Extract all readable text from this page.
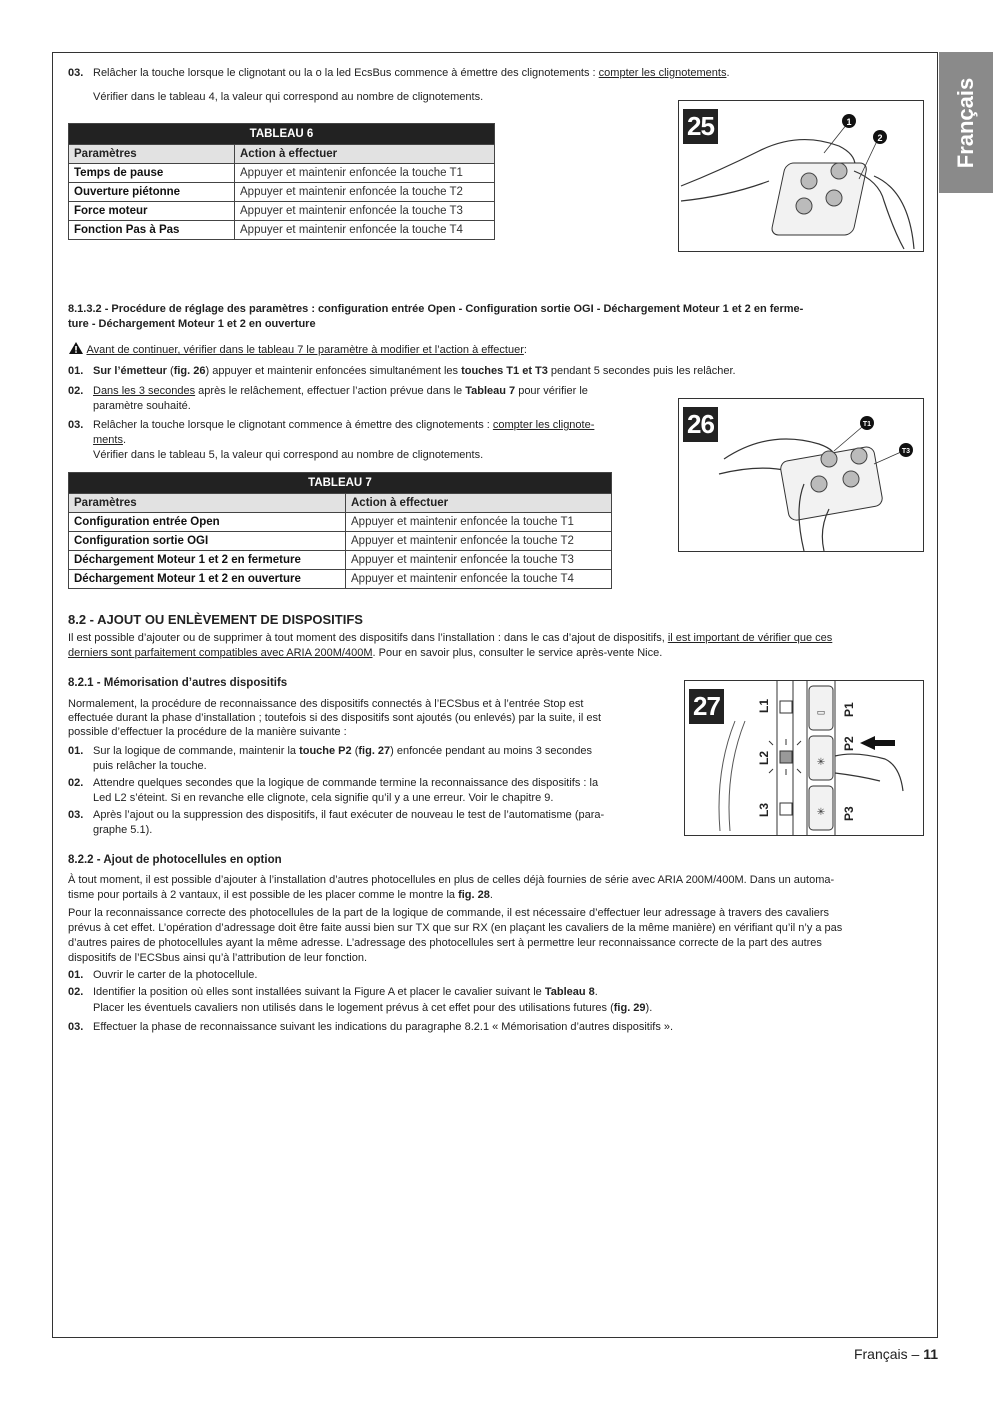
Français
03. Relâcher la touche lorsque le clignotant ou la o la led EcsBus commence à émettre des clignotements : compter les clignotements.
Vérifier dans le tableau 4, la valeur qui correspond au nombre de clignotements.
TABLEAU 6	
Paramètres	Action à effectuer
Temps de pause	Appuyer et maintenir enfoncée la touche T1
Ouverture piétonne	Appuyer et maintenir enfoncée la touche T2
Force moteur	Appuyer et maintenir enfoncée la touche T3
Fonction Pas à Pas	Appuyer et maintenir enfoncée la touche T4
25	1
2
8.1.3.2 - Procédure de réglage des paramètres : configuration entrée Open - Configuration sortie OGI - Déchargement Moteur 1 et 2 en ferme-
ture - Déchargement Moteur 1 et 2 en ouverture
Avant de continuer, vérifier dans le tableau 7 le paramètre à modifier et l’action à effectuer:
01. Sur l’émetteur (fig. 26) appuyer et maintenir enfoncées simultanément les touches T1 et T3 pendant 5 secondes puis les relâcher.
02. Dans les 3 secondes après le relâchement, effectuer l’action prévue dans le Tableau 7 pour vérifier le
paramètre souhaité.
03. Relâcher la touche lorsque le clignotant commence à émettre des clignotements : compter les clignote-
ments.
Vérifier dans le tableau 5, la valeur qui correspond au nombre de clignotements.
TABLEAU 7	
Paramètres	Action à effectuer
Configuration entrée Open	Appuyer et maintenir enfoncée la touche T1
Configuration sortie OGI	Appuyer et maintenir enfoncée la touche T2
Déchargement Moteur 1 et 2 en fermeture	Appuyer et maintenir enfoncée la touche T3
Déchargement Moteur 1 et 2 en ouverture	Appuyer et maintenir enfoncée la touche T4
26	T1
T3
8.2 - AJOUT OU ENLÈVEMENT DE DISPOSITIFS
Il est possible d’ajouter ou de supprimer à tout moment des dispositifs dans l’installation : dans le cas d’ajout de dispositifs, il est important de vérifier que ces
derniers sont parfaitement compatibles avec ARIA 200M/400M. Pour en savoir plus, consulter le service après-vente Nice.
8.2.1 - Mémorisation d’autres dispositifs
Normalement, la procédure de reconnaissance des dispositifs connectés à l’ECSbus et à l’entrée Stop est
effectuée durant la phase d’installation ; toutefois si des dispositifs sont ajoutés (ou enlevés) par la suite, il est
possible d’effectuer la procédure de la manière suivante :
01. Sur la logique de commande, maintenir la touche P2 (fig. 27) enfoncée pendant au moins 3 secondes
puis relâcher la touche.
02. Attendre quelques secondes que la logique de commande termine la reconnaissance des dispositifs : la
Led L2 s’éteint. Si en revanche elle clignote, cela signifie qu’il y a une erreur. Voir le chapitre 9.
03. Après l’ajout ou la suppression des dispositifs, il faut exécuter de nouveau le test de l’automatisme (para-
graphe 5.1).
27	▭
✳
✳
L1
L2
L3
P1
P2
P3
8.2.2 - Ajout de photocellules en option
À tout moment, il est possible d’ajouter à l’installation d’autres photocellules en plus de celles déjà fournies de série avec ARIA 200M/400M. Dans un automa-
tisme pour portails à 2 vantaux, il est possible de les placer comme le montre la fig. 28.
Pour la reconnaissance correcte des photocellules de la part de la logique de commande, il est nécessaire d’effectuer leur adressage à travers des cavaliers
prévus à cet effet. L’opération d’adressage doit être faite aussi bien sur TX que sur RX (en plaçant les cavaliers de la même manière) en vérifiant qu’il n’y a pas
d’autres paires de photocellules ayant la même adresse. L’adressage des photocellules sert à permettre leur reconnaissance correcte de la part des autres
dispositifs de l’ECSbus ainsi qu’à l’attribution de leur fonction.
01. Ouvrir le carter de la photocellule.
02. Identifier la position où elles sont installées suivant la Figure A et placer le cavalier suivant le Tableau 8.
Placer les éventuels cavaliers non utilisés dans le logement prévus à cet effet pour des utilisations futures (fig. 29).
03. Effectuer la phase de reconnaissance suivant les indications du paragraphe 8.2.1 « Mémorisation d’autres dispositifs ».
Français – 11
